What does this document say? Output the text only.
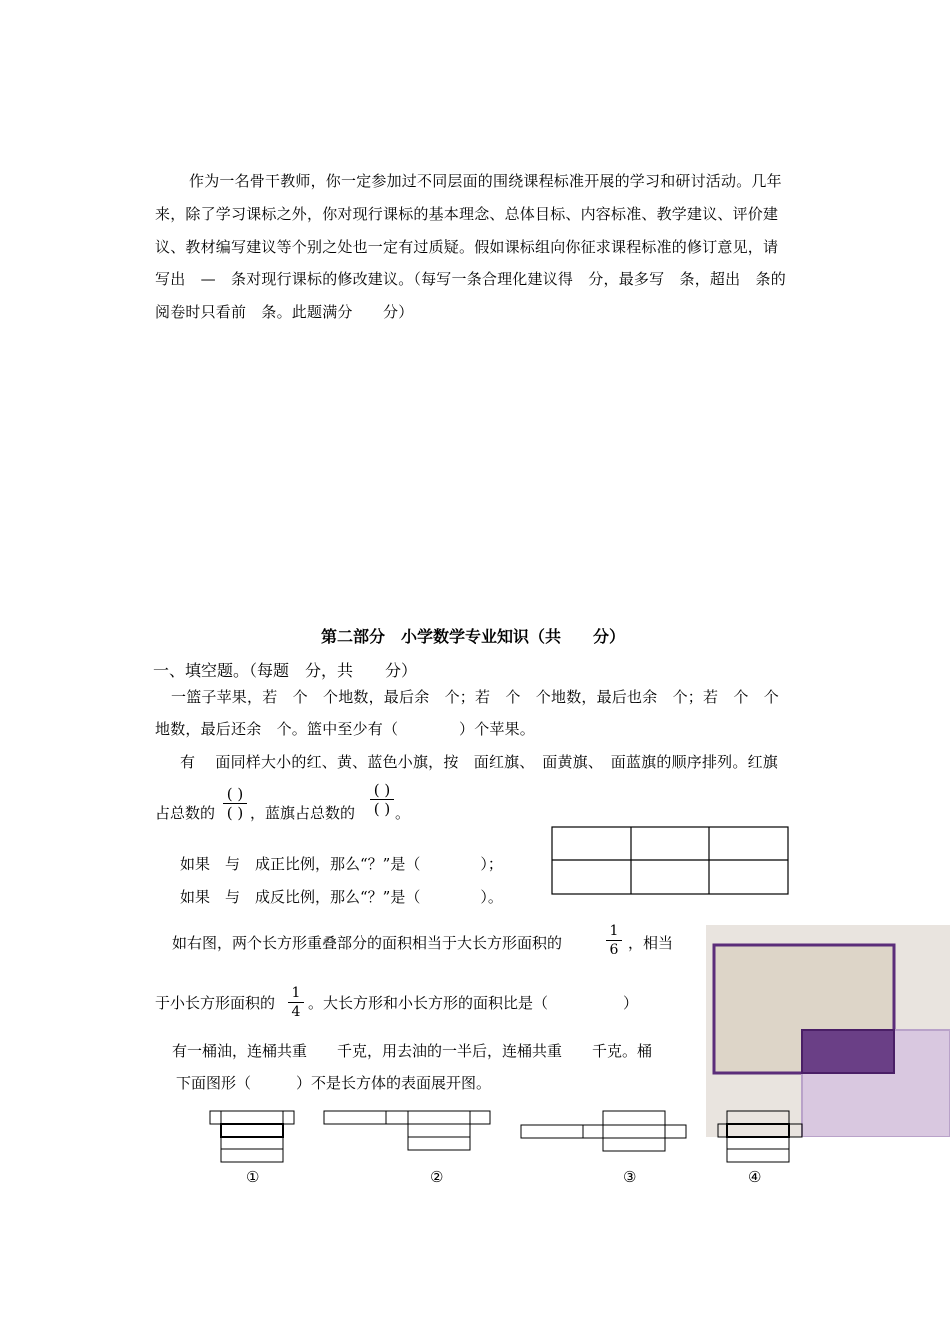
作为一名骨干教师，你一定参加过不同层面的围绕课程标准开展的学习和研讨活动。几年
来，除了学习课标之外，你对现行课标的基本理念、总体目标、内容标准、教学建议、评价建
议、教材编写建议等个别之处也一定有过质疑。假如课标组向你征求课程标准的修订意见，请
写出　—　条对现行课标的修改建议。（每写一条合理化建议得　分，最多写　条，超出　条的
阅卷时只看前　条。此题满分　　分）
第二部分　小学数学专业知识（共　　分）
一、填空题。（每题　分，共　　分）
一篮子苹果，若　个　个地数，最后余　个；若　个　个地数，最后也余　个；若　个　个
地数，最后还余　个。篮中至少有（　　　　）个苹果。
有　 面同样大小的红、黄、蓝色小旗，按　面红旗、　面黄旗、　面蓝旗的顺序排列。红旗
占总数的
( )
( ) ，蓝旗占总数的
( )
( ) 。
如果　与　成正比例，那么“？”是（　　　　）；
如果　与　成反比例，那么“？”是（　　　　）。
如右图，两个长方形重叠部分的面积相当于大长方形面积的	$\frac{1}{6}$ ，相当
于小长方形面积的 $\frac{1}{4}$ 。大长方形和小长方形的面积比是（　　　　　）
有一桶油，连桶共重　　千克，用去油的一半后，连桶共重　　千克。桶
下面图形（　　　）不是长方体的表面展开图。
①	②	③	④
